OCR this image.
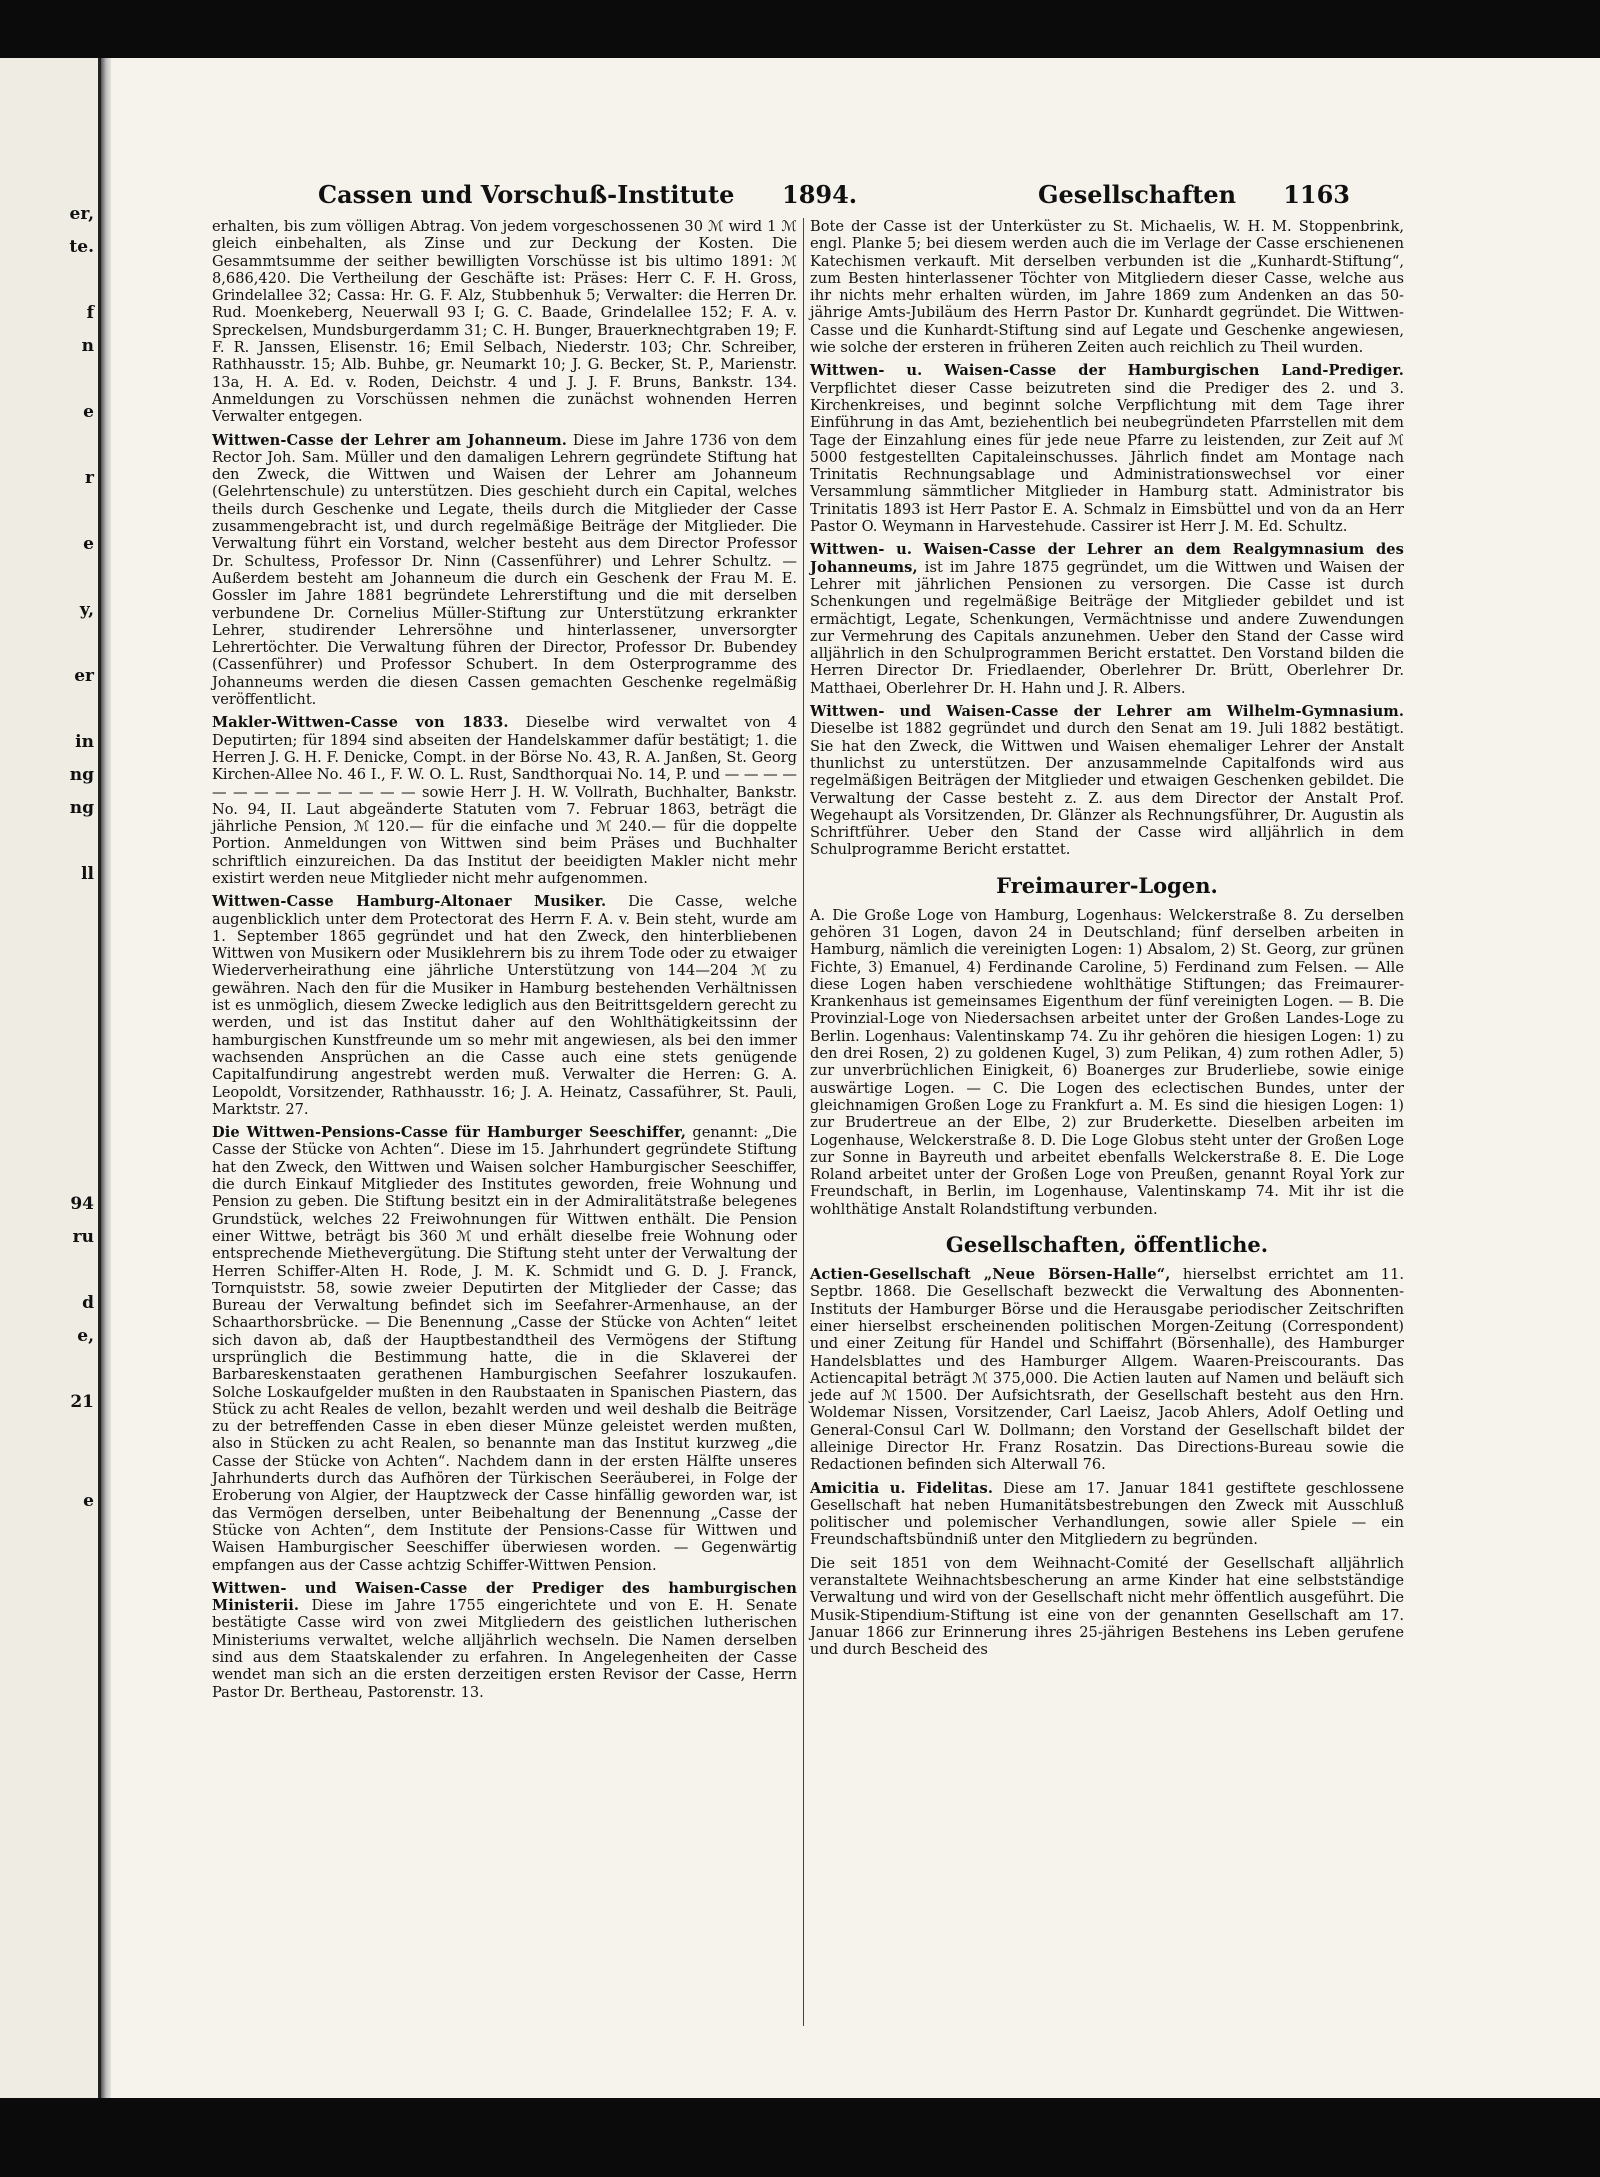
er,
te.
f
n
e
r
e
y,
er
in
ng
ng
ll
94
ru
d
e,
21
e
Cassen und Vorschuß-Institute 1894.	Gesellschaften 1163

erhalten, bis zum völligen Abtrag. Von jedem vorgeschossenen 30 ℳ wird 1 ℳ gleich einbehalten, als Zinse und zur Deckung der Kosten. Die Gesammtsumme der seither bewilligten Vorschüsse ist bis ultimo 1891: ℳ 8,686,420. Die Vertheilung der Geschäfte ist: Präses: Herr C. F. H. Gross, Grindelallee 32; Cassa: Hr. G. F. Alz, Stubbenhuk 5; Verwalter: die Herren Dr. Rud. Moenkeberg, Neuerwall 93 I; G. C. Baade, Grindelallee 152; F. A. v. Spreckelsen, Mundsburgerdamm 31; C. H. Bunger, Brauerknechtgraben 19; F. F. R. Janssen, Elisenstr. 16; Emil Selbach, Niederstr. 103; Chr. Schreiber, Rathhausstr. 15; Alb. Buhbe, gr. Neumarkt 10; J. G. Becker, St. P., Marienstr. 13a, H. A. Ed. v. Roden, Deichstr. 4 und J. J. F. Bruns, Bankstr. 134. Anmeldungen zu Vorschüssen nehmen die zunächst wohnenden Herren Verwalter entgegen.

Wittwen-Casse der Lehrer am Johanneum. Diese im Jahre 1736 von dem Rector Joh. Sam. Müller und den damaligen Lehrern gegründete Stiftung hat den Zweck, die Wittwen und Waisen der Lehrer am Johanneum (Gelehrtenschule) zu unterstützen. Dies geschieht durch ein Capital, welches theils durch Geschenke und Legate, theils durch die Mitglieder der Casse zusammengebracht ist, und durch regelmäßige Beiträge der Mitglieder. Die Verwaltung führt ein Vorstand, welcher besteht aus dem Director Professor Dr. Schultess, Professor Dr. Ninn (Cassenführer) und Lehrer Schultz. — Außerdem besteht am Johanneum die durch ein Geschenk der Frau M. E. Gossler im Jahre 1881 begründete Lehrerstiftung und die mit derselben verbundene Dr. Cornelius Müller-Stiftung zur Unterstützung erkrankter Lehrer, studirender Lehrersöhne und hinterlassener, unversorgter Lehrertöchter. Die Verwaltung führen der Director, Professor Dr. Bubendey (Cassenführer) und Professor Schubert. In dem Osterprogramme des Johanneums werden die diesen Cassen gemachten Geschenke regelmäßig veröffentlicht.

Makler-Wittwen-Casse von 1833. Dieselbe wird verwaltet von 4 Deputirten; für 1894 sind abseiten der Handelskammer dafür bestätigt; 1. die Herren J. G. H. F. Denicke, Compt. in der Börse No. 43, R. A. Janßen, St. Georg Kirchen-Allee No. 46 I., F. W. O. L. Rust, Sandthorquai No. 14, P. und — — — — — — — — — — — — — — sowie Herr J. H. W. Vollrath, Buchhalter, Bankstr. No. 94, II. Laut abgeänderte Statuten vom 7. Februar 1863, beträgt die jährliche Pension, ℳ 120.— für die einfache und ℳ 240.— für die doppelte Portion. Anmeldungen von Wittwen sind beim Präses und Buchhalter schriftlich einzureichen. Da das Institut der beeidigten Makler nicht mehr existirt werden neue Mitglieder nicht mehr aufgenommen.

Wittwen-Casse Hamburg-Altonaer Musiker. Die Casse, welche augenblicklich unter dem Protectorat des Herrn F. A. v. Bein steht, wurde am 1. September 1865 gegründet und hat den Zweck, den hinterbliebenen Wittwen von Musikern oder Musiklehrern bis zu ihrem Tode oder zu etwaiger Wiederverheirathung eine jährliche Unterstützung von 144—204 ℳ zu gewähren. Nach den für die Musiker in Hamburg bestehenden Verhältnissen ist es unmöglich, diesem Zwecke lediglich aus den Beitrittsgeldern gerecht zu werden, und ist das Institut daher auf den Wohlthätigkeitssinn der hamburgischen Kunstfreunde um so mehr mit angewiesen, als bei den immer wachsenden Ansprüchen an die Casse auch eine stets genügende Capitalfundirung angestrebt werden muß. Verwalter die Herren: G. A. Leopoldt, Vorsitzender, Rathhausstr. 16; J. A. Heinatz, Cassaführer, St. Pauli, Marktstr. 27.

Die Wittwen-Pensions-Casse für Hamburger Seeschiffer, genannt: „Die Casse der Stücke von Achten“. Diese im 15. Jahrhundert gegründete Stiftung hat den Zweck, den Wittwen und Waisen solcher Hamburgischer Seeschiffer, die durch Einkauf Mitglieder des Institutes geworden, freie Wohnung und Pension zu geben. Die Stiftung besitzt ein in der Admiralitätstraße belegenes Grundstück, welches 22 Freiwohnungen für Wittwen enthält. Die Pension einer Wittwe, beträgt bis 360 ℳ und erhält dieselbe freie Wohnung oder entsprechende Miethevergütung. Die Stiftung steht unter der Verwaltung der Herren Schiffer-Alten H. Rode, J. M. K. Schmidt und G. D. J. Franck, Tornquiststr. 58, sowie zweier Deputirten der Mitglieder der Casse; das Bureau der Verwaltung befindet sich im Seefahrer-Armenhause, an der Schaarthorsbrücke. — Die Benennung „Casse der Stücke von Achten“ leitet sich davon ab, daß der Hauptbestandtheil des Vermögens der Stiftung ursprünglich die Bestimmung hatte, die in die Sklaverei der Barbareskenstaaten gerathenen Hamburgischen Seefahrer loszukaufen. Solche Loskaufgelder mußten in den Raubstaaten in Spanischen Piastern, das Stück zu acht Reales de vellon, bezahlt werden und weil deshalb die Beiträge zu der betreffenden Casse in eben dieser Münze geleistet werden mußten, also in Stücken zu acht Realen, so benannte man das Institut kurzweg „die Casse der Stücke von Achten“. Nachdem dann in der ersten Hälfte unseres Jahrhunderts durch das Aufhören der Türkischen Seeräuberei, in Folge der Eroberung von Algier, der Hauptzweck der Casse hinfällig geworden war, ist das Vermögen derselben, unter Beibehaltung der Benennung „Casse der Stücke von Achten“, dem Institute der Pensions-Casse für Wittwen und Waisen Hamburgischer Seeschiffer überwiesen worden. — Gegenwärtig empfangen aus der Casse achtzig Schiffer-Wittwen Pension.

Wittwen- und Waisen-Casse der Prediger des hamburgischen Ministerii. Diese im Jahre 1755 eingerichtete und von E. H. Senate bestätigte Casse wird von zwei Mitgliedern des geistlichen lutherischen Ministeriums verwaltet, welche alljährlich wechseln. Die Namen derselben sind aus dem Staatskalender zu erfahren. In Angelegenheiten der Casse wendet man sich an die ersten derzeitigen ersten Revisor der Casse, Herrn Pastor Dr. Bertheau, Pastorenstr. 13.

Bote der Casse ist der Unterküster zu St. Michaelis, W. H. M. Stoppenbrink, engl. Planke 5; bei diesem werden auch die im Verlage der Casse erschienenen Katechismen verkauft. Mit derselben verbunden ist die „Kunhardt-Stiftung“, zum Besten hinterlassener Töchter von Mitgliedern dieser Casse, welche aus ihr nichts mehr erhalten würden, im Jahre 1869 zum Andenken an das 50-jährige Amts-Jubiläum des Herrn Pastor Dr. Kunhardt gegründet. Die Wittwen-Casse und die Kunhardt-Stiftung sind auf Legate und Geschenke angewiesen, wie solche der ersteren in früheren Zeiten auch reichlich zu Theil wurden.

Wittwen- u. Waisen-Casse der Hamburgischen Land-Prediger. Verpflichtet dieser Casse beizutreten sind die Prediger des 2. und 3. Kirchenkreises, und beginnt solche Verpflichtung mit dem Tage ihrer Einführung in das Amt, beziehentlich bei neubegründeten Pfarrstellen mit dem Tage der Einzahlung eines für jede neue Pfarre zu leistenden, zur Zeit auf ℳ 5000 festgestellten Capitaleinschusses. Jährlich findet am Montage nach Trinitatis Rechnungsablage und Administrationswechsel vor einer Versammlung sämmtlicher Mitglieder in Hamburg statt. Administrator bis Trinitatis 1893 ist Herr Pastor E. A. Schmalz in Eimsbüttel und von da an Herr Pastor O. Weymann in Harvestehude. Cassirer ist Herr J. M. Ed. Schultz.

Wittwen- u. Waisen-Casse der Lehrer an dem Realgymnasium des Johanneums, ist im Jahre 1875 gegründet, um die Wittwen und Waisen der Lehrer mit jährlichen Pensionen zu versorgen. Die Casse ist durch Schenkungen und regelmäßige Beiträge der Mitglieder gebildet und ist ermächtigt, Legate, Schenkungen, Vermächtnisse und andere Zuwendungen zur Vermehrung des Capitals anzunehmen. Ueber den Stand der Casse wird alljährlich in den Schulprogrammen Bericht erstattet. Den Vorstand bilden die Herren Director Dr. Friedlaender, Oberlehrer Dr. Brütt, Oberlehrer Dr. Matthaei, Oberlehrer Dr. H. Hahn und J. R. Albers.

Wittwen- und Waisen-Casse der Lehrer am Wilhelm-Gymnasium. Dieselbe ist 1882 gegründet und durch den Senat am 19. Juli 1882 bestätigt. Sie hat den Zweck, die Wittwen und Waisen ehemaliger Lehrer der Anstalt thunlichst zu unterstützen. Der anzusammelnde Capitalfonds wird aus regelmäßigen Beiträgen der Mitglieder und etwaigen Geschenken gebildet. Die Verwaltung der Casse besteht z. Z. aus dem Director der Anstalt Prof. Wegehaupt als Vorsitzenden, Dr. Glänzer als Rechnungsführer, Dr. Augustin als Schriftführer. Ueber den Stand der Casse wird alljährlich in dem Schulprogramme Bericht erstattet.

Freimaurer-Logen.

A. Die Große Loge von Hamburg, Logenhaus: Welckerstraße 8. Zu derselben gehören 31 Logen, davon 24 in Deutschland; fünf derselben arbeiten in Hamburg, nämlich die vereinigten Logen: 1) Absalom, 2) St. Georg, zur grünen Fichte, 3) Emanuel, 4) Ferdinande Caroline, 5) Ferdinand zum Felsen. — Alle diese Logen haben verschiedene wohlthätige Stiftungen; das Freimaurer-Krankenhaus ist gemeinsames Eigenthum der fünf vereinigten Logen. — B. Die Provinzial-Loge von Niedersachsen arbeitet unter der Großen Landes-Loge zu Berlin. Logenhaus: Valentinskamp 74. Zu ihr gehören die hiesigen Logen: 1) zu den drei Rosen, 2) zu goldenen Kugel, 3) zum Pelikan, 4) zum rothen Adler, 5) zur unverbrüchlichen Einigkeit, 6) Boanerges zur Bruderliebe, sowie einige auswärtige Logen. — C. Die Logen des eclectischen Bundes, unter der gleichnamigen Großen Loge zu Frankfurt a. M. Es sind die hiesigen Logen: 1) zur Brudertreue an der Elbe, 2) zur Bruderkette. Dieselben arbeiten im Logenhause, Welckerstraße 8. D. Die Loge Globus steht unter der Großen Loge zur Sonne in Bayreuth und arbeitet ebenfalls Welckerstraße 8. E. Die Loge Roland arbeitet unter der Großen Loge von Preußen, genannt Royal York zur Freundschaft, in Berlin, im Logenhause, Valentinskamp 74. Mit ihr ist die wohlthätige Anstalt Rolandstiftung verbunden.

Gesellschaften, öffentliche.

Actien-Gesellschaft „Neue Börsen-Halle“, hierselbst errichtet am 11. Septbr. 1868. Die Gesellschaft bezweckt die Verwaltung des Abonnenten-Instituts der Hamburger Börse und die Herausgabe periodischer Zeitschriften einer hierselbst erscheinenden politischen Morgen-Zeitung (Correspondent) und einer Zeitung für Handel und Schiffahrt (Börsenhalle), des Hamburger Handelsblattes und des Hamburger Allgem. Waaren-Preiscourants. Das Actiencapital beträgt ℳ 375,000. Die Actien lauten auf Namen und beläuft sich jede auf ℳ 1500. Der Aufsichtsrath, der Gesellschaft besteht aus den Hrn. Woldemar Nissen, Vorsitzender, Carl Laeisz, Jacob Ahlers, Adolf Oetling und General-Consul Carl W. Dollmann; den Vorstand der Gesellschaft bildet der alleinige Director Hr. Franz Rosatzin. Das Directions-Bureau sowie die Redactionen befinden sich Alterwall 76.

Amicitia u. Fidelitas. Diese am 17. Januar 1841 gestiftete geschlossene Gesellschaft hat neben Humanitätsbestrebungen den Zweck mit Ausschluß politischer und polemischer Verhandlungen, sowie aller Spiele — ein Freundschaftsbündniß unter den Mitgliedern zu begründen.

Die seit 1851 von dem Weihnacht-Comité der Gesellschaft alljährlich veranstaltete Weihnachtsbescherung an arme Kinder hat eine selbstständige Verwaltung und wird von der Gesellschaft nicht mehr öffentlich ausgeführt. Die Musik-Stipendium-Stiftung ist eine von der genannten Gesellschaft am 17. Januar 1866 zur Erinnerung ihres 25-jährigen Bestehens ins Leben gerufene und durch Bescheid des
